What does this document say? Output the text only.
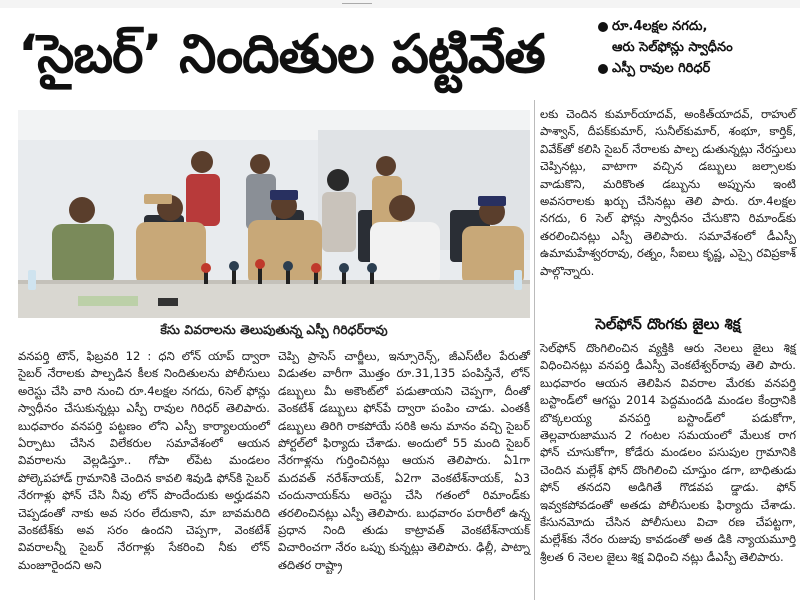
‘సైబర్’ నిందితుల పట్టివేత	రూ.4లక్షల నగదు,
ఆరు సెల్‌ఫోన్లు స్వాధీనం
ఎస్పీ రావుల గిరిధర్
కేసు వివరాలను తెలుపుతున్న ఎస్పీ గిరిధర్‌రావు

వనపర్తి టౌన్, ఫిబ్రవరి 12 : ధని లోన్ యాప్ ద్వారా సైబర్ నేరాలకు పాల్పడిన కీలక నిందితులను పోలీసులు అరెస్టు చేసి వారి నుంచి రూ.4లక్షల నగదు, 6సెల్ ఫోన్లు స్వాధీనం చేసుకున్నట్లు ఎస్పీ రావుల గిరిధర్ తెలిపారు. బుధవారం వనపర్తి పట్టణం లోని ఎస్పీ కార్యాలయంలో ఏర్పాటు చేసిన విలేకరుల సమావేశంలో ఆయన వివరాలను వెల్లడిస్తూ.. గోపా ల్‌పేట మండలం పోల్కెపహాడ్ గ్రామానికి చెందిన కావలి శివుడి ఫోన్‌కి సైబర్ నేరగాళ్లు ఫోన్ చేసి నీవు లోన్ పొందేందుకు అర్హుడవని చెప్పడంతో నాకు అవ సరం లేదుకాని, మా బావమరిది వెంకటేశ్‌కు అవ సరం ఉందని చెప్పగా, వెంకటేశ్ వివరాలన్నీ సైబర్ నేరగాళ్లు సేకరించి నీకు లోన్ మంజూరైందని అని

చెప్పి ప్రాసెస్ చార్జీలు, ఇన్సూరెన్స్, జీఎస్‌టీల పేరుతో విడుతల వారీగా మొత్తం రూ.31,135 పంపిస్తేనే, లోన్ డబ్బులు మీ అకౌంట్‌లో పడుతాయని చెప్పగా, దీంతో వెంకటేశ్ డబ్బులు ఫోన్‌పే ద్వారా పంపిం చాడు. ఎంతకీ డబ్బులు తిరిగి రాకపోయే సరికి అను మానం వచ్చి సైబర్ పోర్టల్‌లో ఫిర్యాదు చేశాడు. అందులో 55 మంది సైబర్ నేరగాళ్లను గుర్తించినట్లు ఆయన తెలిపారు. ఏ1గా మదవత్ నరేశ్‌నాయక్, ఏ2గా వెంకటేశ్‌నాయక్, ఏ3 చందునాయక్‌ను అరెస్టు చేసి గతంలో రిమాండ్‌కు తరలించినట్లు ఎస్పీ తెలిపారు. బుధవారం పరారీలో ఉన్న ప్రధాన నింది తుడు కాట్రావత్ వెంకటేశ్‌నాయక్ విచారించగా నేరం ఒప్పు కున్నట్లు తెలిపారు. ఢిల్లీ, పాట్నా తదితర రాష్ట్రా

లకు చెందిన కుమార్‌యాదవ్, అంకిత్‌యాదవ్, రాహుల్ పాశ్వాన్, దీపక్‌కుమార్, సునీల్‌కుమార్, శంభూ, కార్తిక్, వివేక్‌తో కలిసి సైబర్ నేరాలకు పాల్ప డుతున్నట్లు నేరస్తులు చెప్పినట్లు, వాటాగా వచ్చిన డబ్బులు జల్సాలకు వాడుకొని, మరికొంత డబ్బును అప్పును ఇంటి అవసరాలకు ఖర్చు చేసినట్లు తెలి పారు. రూ.4లక్షల నగదు, 6 సెల్ ఫోన్లు స్వాధీనం చేసుకొని రిమాండ్‌కు తరలించినట్లు ఎస్పీ తెలిపారు. సమావేశంలో డీఎస్పీ ఉమామహేశ్వరరావు, రత్నం, సీఐలు కృష్ణ, ఎస్సై రవిప్రకాశ్ పాల్గొన్నారు.

సెల్‌ఫోన్ దొంగకు జైలు శిక్ష

సెల్‌ఫోన్ దొంగిలించిన వ్యక్తికి ఆరు నెలలు జైలు శిక్ష విధించినట్లు వనపర్తి డీఎస్పీ వెంకటేశ్వర్‌రావు తెలి పారు. బుధవారం ఆయన తెలిపిన వివరాల మేరకు వనపర్తి బస్టాండ్‌లో ఆగస్టు 2014 పెద్దమందడి మండల కేంద్రానికి బొక్కలయ్య వనపర్తి బస్టాండ్‌లో పడుకోగా, తెల్లవారుజామున 2 గంటల సమయంలో మేలుక రాగ ఫోన్ చూసుకోగా, కోడేరు మండలం పసుపుల గ్రామానికి చెందిన మల్లేశ్ ఫోన్ దొంగిలించి చూస్తుం డగా, బాధితుడు ఫోన్ తనదని అడిగితే గొడవప డ్డాడు. ఫోన్ ఇవ్వకపోవడంతో అతడు పోలీసులకు ఫిర్యాదు చేశాడు. కేసునమోదు చేసిన పోలీసులు విచా రణ చేపట్టగా, మల్లేశ్‌కు నేరం రుజువు కావడంతో అత డికి న్యాయమూర్తి శ్రీలత 6 నెలల జైలు శిక్ష విధించి నట్లు డీఎస్పీ తెలిపారు.
